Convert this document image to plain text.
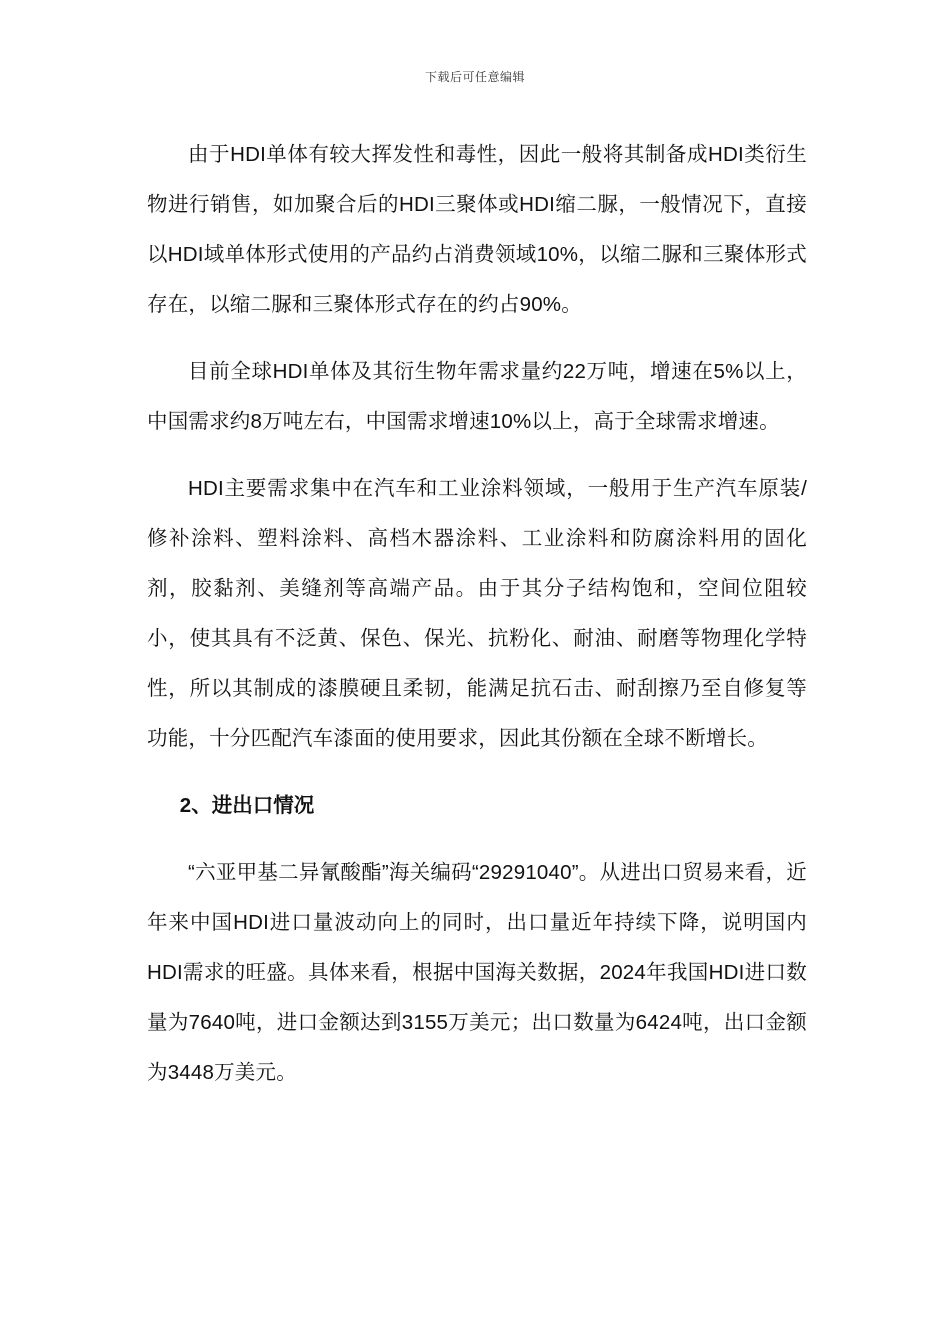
下载后可任意编辑

由于HDI单体有较大挥发性和毒性，因此一般将其制备成HDI类衍生物进行销售，如加聚合后的HDI三聚体或HDI缩二脲，一般情况下，直接以HDI域单体形式使用的产品约占消费领域10%，以缩二脲和三聚体形式存在，以缩二脲和三聚体形式存在的约占90%。

目前全球HDI单体及其衍生物年需求量约22万吨，增速在5%以上，中国需求约8万吨左右，中国需求增速10%以上，高于全球需求增速。

HDI主要需求集中在汽车和工业涂料领域，一般用于生产汽车原装/修补涂料、塑料涂料、高档木器涂料、工业涂料和防腐涂料用的固化剂，胶黏剂、美缝剂等高端产品。由于其分子结构饱和，空间位阻较小，使其具有不泛黄、保色、保光、抗粉化、耐油、耐磨等物理化学特性，所以其制成的漆膜硬且柔韧，能满足抗石击、耐刮擦乃至自修复等功能，十分匹配汽车漆面的使用要求，因此其份额在全球不断增长。

2、进出口情况

“六亚甲基二异氰酸酯”海关编码“29291040”。从进出口贸易来看，近年来中国HDI进口量波动向上的同时，出口量近年持续下降，说明国内HDI需求的旺盛。具体来看，根据中国海关数据，2024年我国HDI进口数量为7640吨，进口金额达到3155万美元；出口数量为6424吨，出口金额为3448万美元。
